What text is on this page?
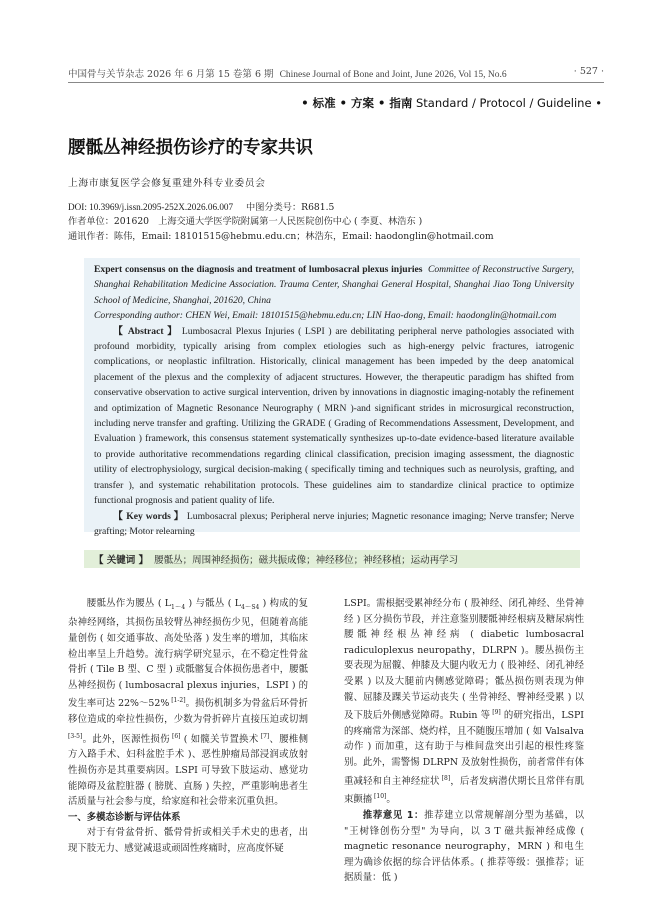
中国骨与关节杂志 2026 年 6 月第 15 卷第 6 期 Chinese Journal of Bone and Joint, June 2026, Vol 15, No.6	· 527 ·
• 标准 • 方案 • 指南 Standard / Protocol / Guideline •
腰骶丛神经损伤诊疗的专家共识
上海市康复医学会修复重建外科专业委员会
DOI: 10.3969/j.issn.2095-252X.2026.06.007 中图分类号：R681.5
作者单位：201620　上海交通大学医学院附属第一人民医院创伤中心 ( 李夏、林浩东 )
通讯作者：陈伟，Email: 18101515@hebmu.edu.cn；林浩东，Email: haodonglin@hotmail.com

Expert consensus on the diagnosis and treatment of lumbosacral plexus injuries Committee of Reconstructive Surgery, Shanghai Rehabilitation Medicine Association. Trauma Center, Shanghai General Hospital, Shanghai Jiao Tong University School of Medicine, Shanghai, 201620, China

Corresponding author: CHEN Wei, Email: 18101515@hebmu.edu.cn; LIN Hao-dong, Email: haodonglin@hotmail.com

【 Abstract 】 Lumbosacral Plexus Injuries ( LSPI ) are debilitating peripheral nerve pathologies associated with profound morbidity, typically arising from complex etiologies such as high-energy pelvic fractures, iatrogenic complications, or neoplastic infiltration. Historically, clinical management has been impeded by the deep anatomical placement of the plexus and the complexity of adjacent structures. However, the therapeutic paradigm has shifted from conservative observation to active surgical intervention, driven by innovations in diagnostic imaging-notably the refinement and optimization of Magnetic Resonance Neurography ( MRN )-and significant strides in microsurgical reconstruction, including nerve transfer and grafting. Utilizing the GRADE ( Grading of Recommendations Assessment, Development, and Evaluation ) framework, this consensus statement systematically synthesizes up-to-date evidence-based literature available to provide authoritative recommendations regarding clinical classification, precision imaging assessment, the diagnostic utility of electrophysiology, surgical decision-making ( specifically timing and techniques such as neurolysis, grafting, and transfer ), and systematic rehabilitation protocols. These guidelines aim to standardize clinical practice to optimize functional prognosis and patient quality of life.

【 Key words 】 Lumbosacral plexus; Peripheral nerve injuries; Magnetic resonance imaging; Nerve transfer; Nerve grafting; Motor relearning

【 关键词 】 腰骶丛；周围神经损伤；磁共振成像；神经移位；神经移植；运动再学习

腰骶丛作为腰丛 ( $L_{1\sim 4}$ ) 与骶丛 ( $L_{4\sim S4}$ ) 构成的复杂神经网络，其损伤虽较臂丛神经损伤少见，但随着高能量创伤 ( 如交通事故、高处坠落 ) 发生率的增加，其临床检出率呈上升趋势。流行病学研究显示，在不稳定性骨盆骨折 ( Tile B 型、C 型 ) 或骶髂复合体损伤患者中，腰骶丛神经损伤 ( lumbosacral plexus injuries，LSPI ) 的发生率可达 22%～52% [1-2]。损伤机制多为骨盆后环骨折移位造成的牵拉性损伤，少数为骨折碎片直接压迫或切割 [3-5]。此外，医源性损伤 [6] ( 如髋关节置换术 [7]、腰椎侧方入路手术、妇科盆腔手术 )、恶性肿瘤局部浸润或放射性损伤亦是其重要病因。LSPI 可导致下肢运动、感觉功能障碍及盆腔脏器 ( 膀胱、直肠 ) 失控，严重影响患者生活质量与社会参与度，给家庭和社会带来沉重负担。

一、多模态诊断与评估体系

对于有骨盆骨折、骶骨骨折或相关手术史的患者，出现下肢无力、感觉减退或顽固性疼痛时，应高度怀疑

LSPI。需根据受累神经分布 ( 股神经、闭孔神经、坐骨神经 ) 区分损伤节段，并注意鉴别腰骶神经根病及糖尿病性腰骶神经根丛神经病 ( diabetic lumbosacral radiculoplexus neuropathy，DLRPN )。腰丛损伤主要表现为屈髋、伸膝及大腿内收无力 ( 股神经、闭孔神经受累 ) 以及大腿前内侧感觉障碍；骶丛损伤则表现为伸髋、屈膝及踝关节运动丧失 ( 坐骨神经、臀神经受累 ) 以及下肢后外侧感觉障碍。Rubin 等 [9] 的研究指出，LSPI 的疼痛常为深部、烧灼样，且不随腹压增加 ( 如 Valsalva 动作 ) 而加重，这有助于与椎间盘突出引起的根性疼鉴别。此外，需警惕 DLRPN 及放射性损伤，前者常伴有体重减轻和自主神经症状 [8]，后者发病潜伏期长且常伴有肌束颤搐 [10]。

推荐意见 1：推荐建立以常规解剖分型为基础，以 "王树锋创伤分型" 为导向，以 3 T 磁共振神经成像 ( magnetic resonance neurography，MRN ) 和电生理为确诊依据的综合评估体系。( 推荐等级：强推荐；证据质量：低 )
